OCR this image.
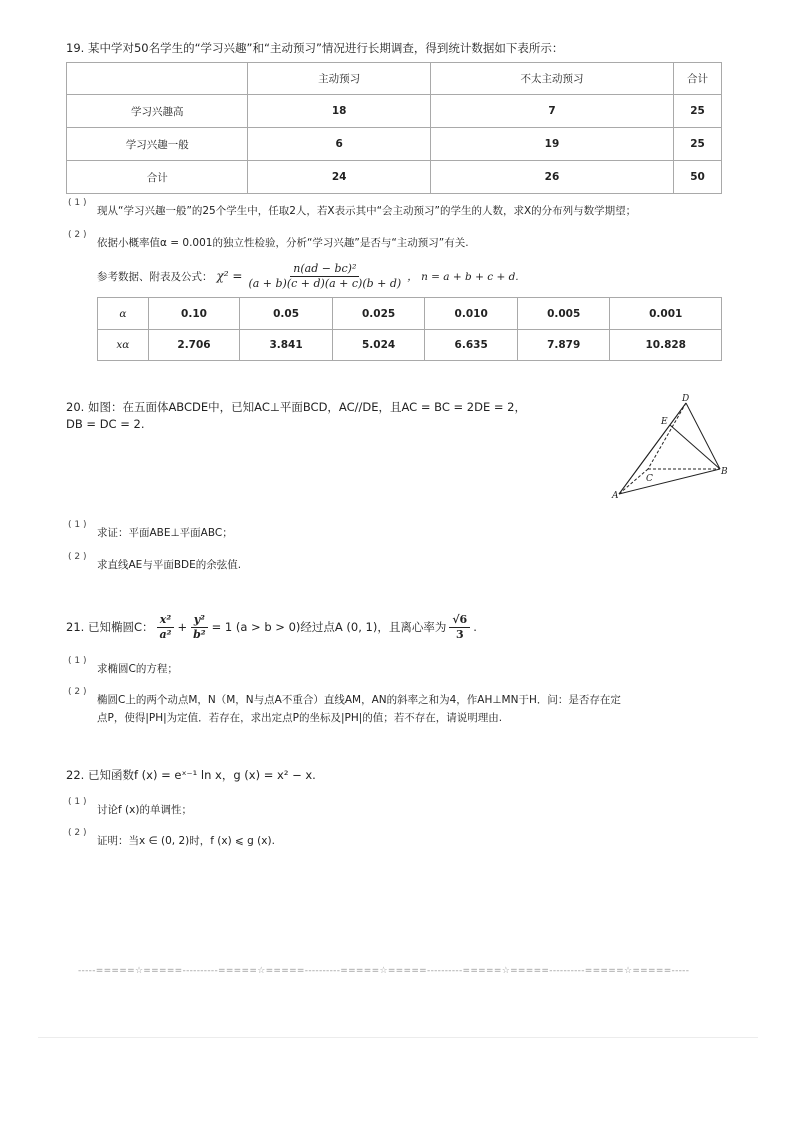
19. 某中学对50名学生的“学习兴趣”和“主动预习”情况进行长期调查，得到统计数据如下表所示：
	主动预习	不太主动预习	合计
学习兴趣高	18	7	25
学习兴趣一般	6	19	25
合计	24	26	50
( 1 )
现从“学习兴趣一般”的25个学生中，任取2人，若X表示其中“会主动预习”的学生的人数，求X的分布列与数学期望；
( 2 )
依据小概率值α = 0.001的独立性检验，分析“学习兴趣”是否与“主动预习”有关.
参考数据、附表及公式： $\chi^2 = \frac{\text{n(ad − bc)²}}{(a + b)(c + d)(a + c)(b + d)}$ ， n = a + b + c + d.
α	0.10	0.05	0.025	0.010	0.005	0.001
xα	2.706	3.841	5.024	6.635	7.879	10.828
20. 如图：在五面体ABCDE中，已知AC⊥平面BCD，AC//DE，且AC = BC = 2DE = 2，
DB = DC = 2.
D
E
C
B
A
( 1 )
求证：平面ABE⊥平面ABC；
( 2 )
求直线AE与平面BDE的余弦值.
21. 已知椭圆C： $\frac{\text{x²}}{\text{a²}} + \frac{\text{y²}}{\text{b²}} = 1$ (a > b > 0)经过点A (0, 1)，且离心率为 $\frac{√6}{3}$ .
( 1 )
求椭圆C的方程；
( 2 )
椭圆C上的两个动点M，N（M，N与点A不重合）直线AM，AN的斜率之和为4，作AH⊥MN于H．问：是否存在定
点P，使得|PH|为定值．若存在，求出定点P的坐标及|PH|的值；若不存在，请说明理由.
22. 已知函数f (x) = eˣ⁻¹ ln x，g (x) = x² − x.
( 1 )
讨论f (x)的单调性；
( 2 )
证明：当x ∈ (0, 2)时，f (x) ⩽ g (x).
-----=====☆=====----------=====☆=====----------=====☆=====----------=====☆=====----------=====☆=====-----
